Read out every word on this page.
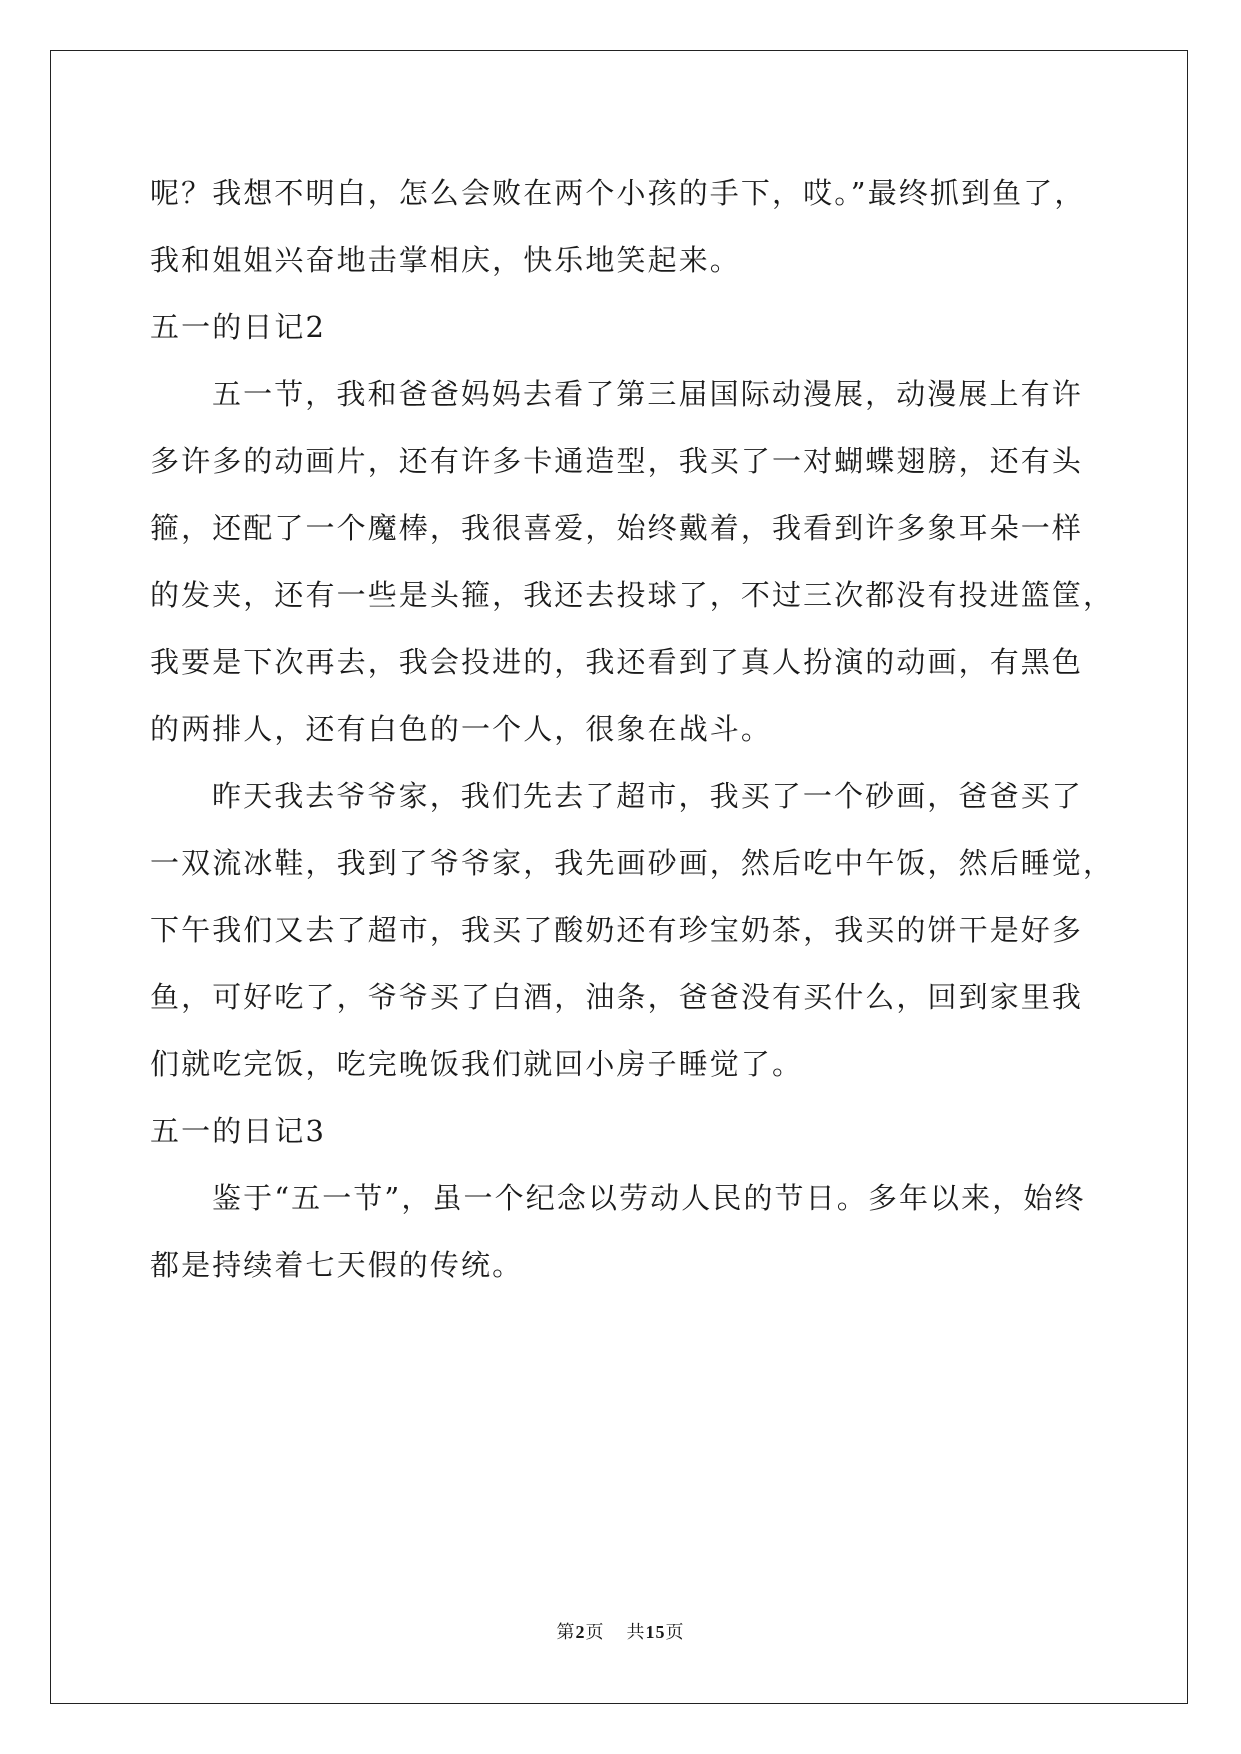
呢？我想不明白，怎么会败在两个小孩的手下，哎。”最终抓到鱼了，
我和姐姐兴奋地击掌相庆，快乐地笑起来。
五一的日记2
五一节，我和爸爸妈妈去看了第三届国际动漫展，动漫展上有许
多许多的动画片，还有许多卡通造型，我买了一对蝴蝶翅膀，还有头
箍，还配了一个魔棒，我很喜爱，始终戴着，我看到许多象耳朵一样
的发夹，还有一些是头箍，我还去投球了，不过三次都没有投进篮筐，
我要是下次再去，我会投进的，我还看到了真人扮演的动画，有黑色
的两排人，还有白色的一个人，很象在战斗。
昨天我去爷爷家，我们先去了超市，我买了一个砂画，爸爸买了
一双流冰鞋，我到了爷爷家，我先画砂画，然后吃中午饭，然后睡觉，
下午我们又去了超市，我买了酸奶还有珍宝奶茶，我买的饼干是好多
鱼，可好吃了，爷爷买了白酒，油条，爸爸没有买什么，回到家里我
们就吃完饭，吃完晚饭我们就回小房子睡觉了。
五一的日记3
鉴于“五一节”，虽一个纪念以劳动人民的节日。多年以来，始终
都是持续着七天假的传统。
第2页 共15页
